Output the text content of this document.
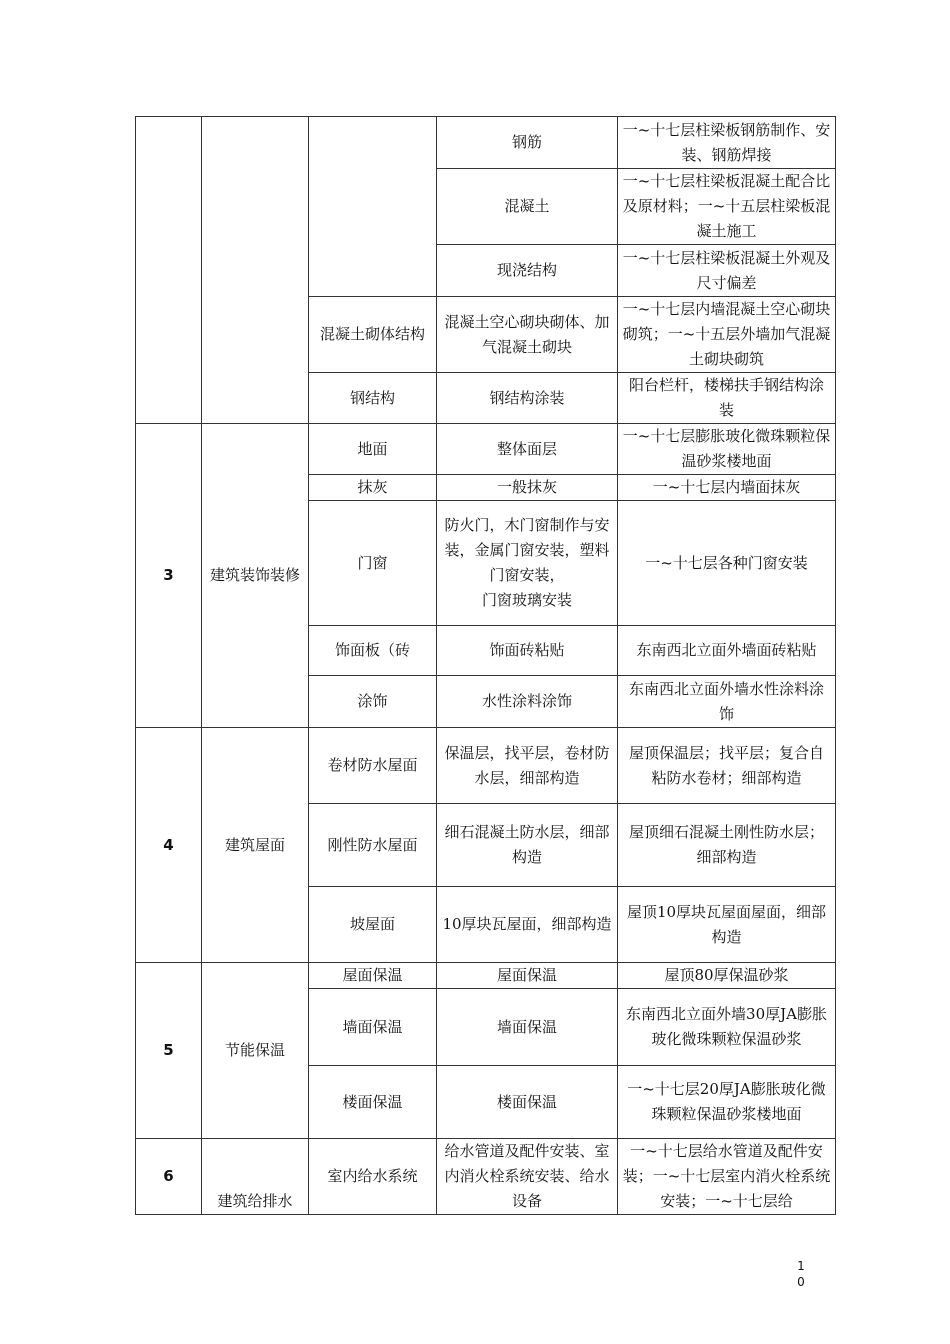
			钢筋	一~十七层柱梁板钢筋制作、安装、钢筋焊接
			混凝土	一~十七层柱梁板混凝土配合比及原材料；一~十五层柱梁板混凝土施工
			现浇结构	一~十七层柱梁板混凝土外观及尺寸偏差
		混凝土砌体结构	混凝土空心砌块砌体、加气混凝土砌块	一~十七层内墙混凝土空心砌块砌筑；一~十五层外墙加气混凝土砌块砌筑
		钢结构	钢结构涂装	阳台栏杆，楼梯扶手钢结构涂装
3	建筑装饰装修	地面	整体面层	一~十七层膨胀玻化微珠颗粒保温砂浆楼地面
		抹灰	一般抹灰	一~十七层内墙面抹灰
		门窗	防火门，木门窗制作与安装，金属门窗安装，塑料门窗安装，
门窗玻璃安装	一~十七层各种门窗安装
		饰面板（砖	饰面砖粘贴	东南西北立面外墙面砖粘贴
		涂饰	水性涂料涂饰	东南西北立面外墙水性涂料涂饰
4	建筑屋面	卷材防水屋面	保温层，找平层，卷材防水层，细部构造	屋顶保温层；找平层；复合自粘防水卷材；细部构造
		刚性防水屋面	细石混凝土防水层，细部构造	屋顶细石混凝土刚性防水层；细部构造
		坡屋面	10厚块瓦屋面，细部构造	屋顶10厚块瓦屋面屋面，细部构造
5	节能保温	屋面保温	屋面保温	屋顶80厚保温砂浆
		墙面保温	墙面保温	东南西北立面外墙30厚JA膨胀玻化微珠颗粒保温砂浆
		楼面保温	楼面保温	一~十七层20厚JA膨胀玻化微珠颗粒保温砂浆楼地面
6	建筑给排水	室内给水系统	给水管道及配件安装、室内消火栓系统安装、给水设备	一~十七层给水管道及配件安装；一~十七层室内消火栓系统安装；一~十七层给
1
0
